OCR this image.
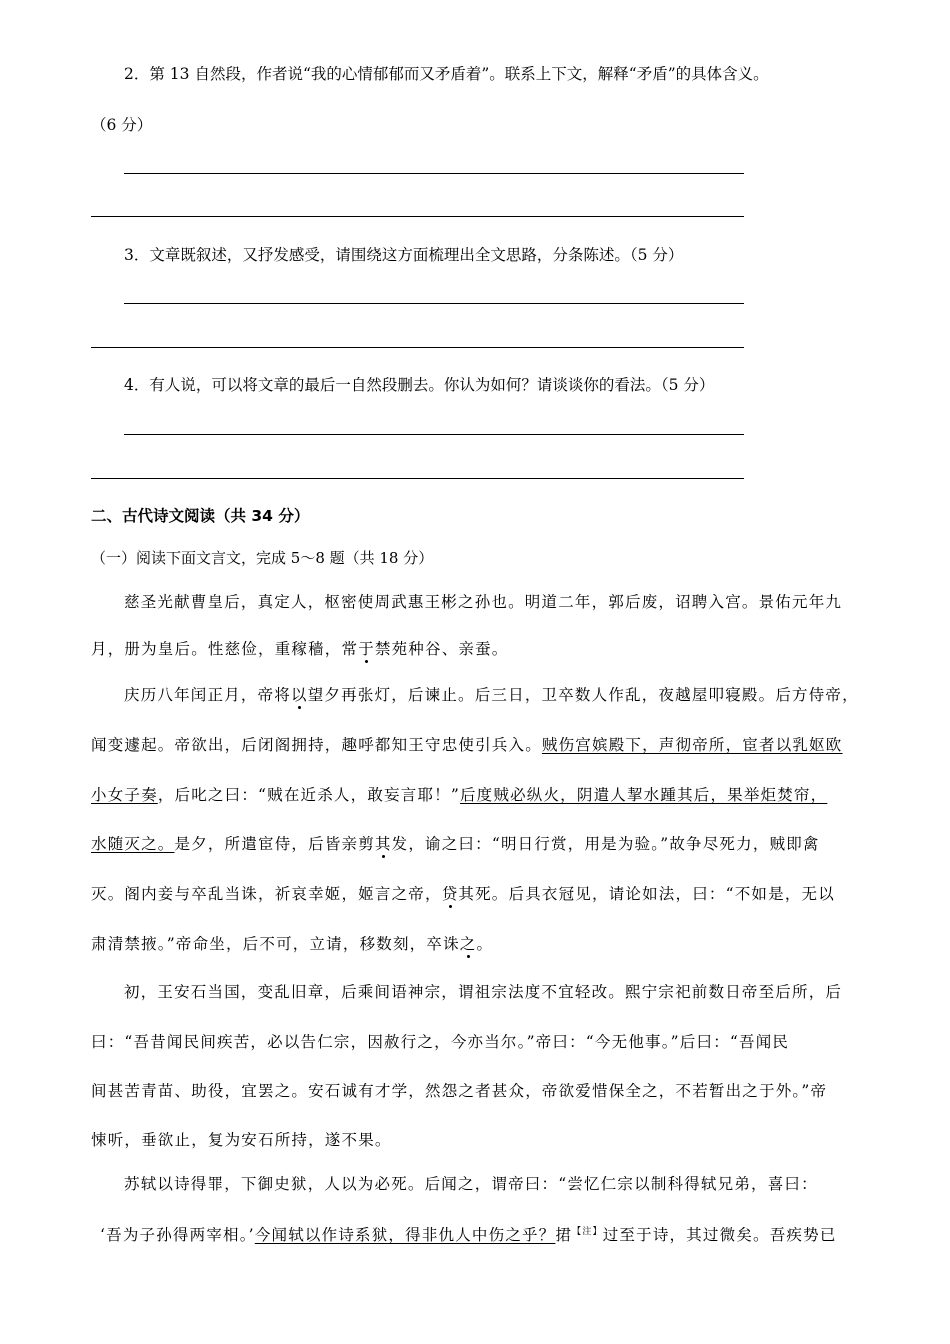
2．第 13 自然段，作者说“我的心情郁郁而又矛盾着”。联系上下文，解释“矛盾”的具体含义。
（6 分）
3．文章既叙述，又抒发感受，请围绕这方面梳理出全文思路，分条陈述。（5 分）
4．有人说，可以将文章的最后一自然段删去。你认为如何？请谈谈你的看法。（5 分）
二、古代诗文阅读（共 34 分）
（一）阅读下面文言文，完成 5～8 题（共 18 分）
慈圣光献曹皇后，真定人，枢密使周武惠王彬之孙也。明道二年，郭后废，诏聘入宫。景佑元年九
月，册为皇后。性慈俭，重稼穑，常于禁苑种谷、亲蚕。
庆历八年闰正月，帝将以望夕再张灯，后谏止。后三日，卫卒数人作乱，夜越屋叩寝殿。后方侍帝，
闻变遽起。帝欲出，后闭阁拥持，趣呼都知王守忠使引兵入。贼伤宫嫔殿下，声彻帝所，宦者以乳妪欧
小女子奏，后叱之曰：“贼在近杀人，敢妄言耶！”后度贼必纵火，阴遣人挈水踵其后，果举炬焚帘，
水随灭之。是夕，所遣宦侍，后皆亲剪其发，谕之曰：“明日行赏，用是为验。”故争尽死力，贼即禽
灭。阁内妾与卒乱当诛，祈哀幸姬，姬言之帝，贷其死。后具衣冠见，请论如法，曰：“不如是，无以
肃清禁掖。”帝命坐，后不可，立请，移数刻，卒诛之。
初，王安石当国，变乱旧章，后乘间语神宗，谓祖宗法度不宜轻改。熙宁宗祀前数日帝至后所，后
曰：“吾昔闻民间疾苦，必以告仁宗，因赦行之，今亦当尔。”帝曰：“今无他事。”后曰：“吾闻民
间甚苦青苗、助役，宜罢之。安石诚有才学，然怨之者甚众，帝欲爱惜保全之，不若暂出之于外。”帝
悚听，垂欲止，复为安石所持，遂不果。
苏轼以诗得罪，下御史狱，人以为必死。后闻之，谓帝曰：“尝忆仁宗以制科得轼兄弟，喜曰：
‘吾为子孙得两宰相。’今闻轼以作诗系狱，得非仇人中伤之乎？捃$^{【注】}$过至于诗，其过微矣。吾疾势已
